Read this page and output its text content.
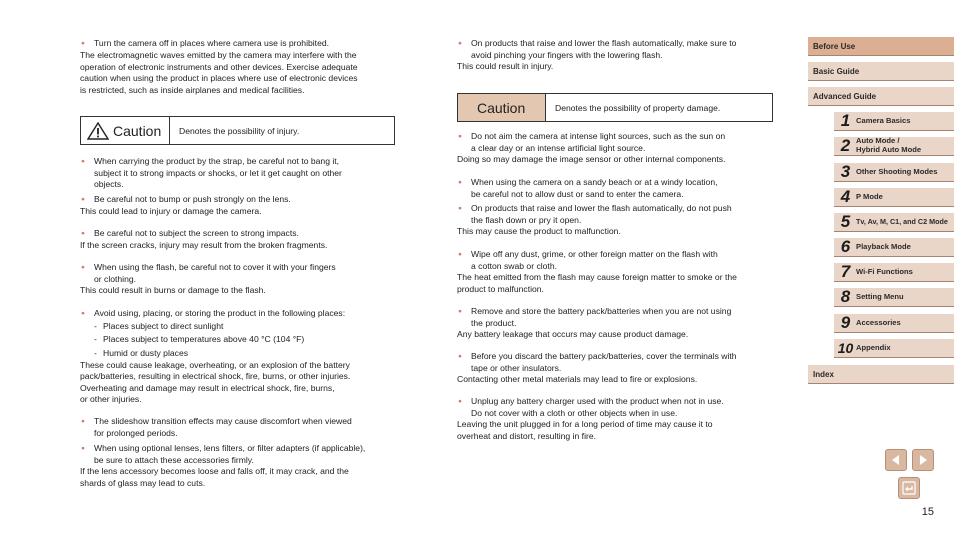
● Turn the camera off in places where camera use is prohibited.
The electromagnetic waves emitted by the camera may interfere with the
operation of electronic instruments and other devices. Exercise adequate
caution when using the product in places where use of electronic devices
is restricted, such as inside airplanes and medical facilities.
● When carrying the product by the strap, be careful not to bang it,
subject it to strong impacts or shocks, or let it get caught on other
objects.
● Be careful not to bump or push strongly on the lens.
This could lead to injury or damage the camera.
● Be careful not to subject the screen to strong impacts.
If the screen cracks, injury may result from the broken fragments.
● When using the flash, be careful not to cover it with your fingers
or clothing.
This could result in burns or damage to the flash.
● Avoid using, placing, or storing the product in the following places:
- Places subject to direct sunlight
- Places subject to temperatures above 40 °C (104 °F)
- Humid or dusty places
These could cause leakage, overheating, or an explosion of the battery
pack/batteries, resulting in electrical shock, fire, burns, or other injuries.
Overheating and damage may result in electrical shock, fire, burns,
or other injuries.
● The slideshow transition effects may cause discomfort when viewed
for prolonged periods.
● When using optional lenses, lens filters, or filter adapters (if applicable),
be sure to attach these accessories firmly.
If the lens accessory becomes loose and falls off, it may crack, and the
shards of glass may lead to cuts.
Caution	Denotes the possibility of injury.
● On products that raise and lower the flash automatically, make sure to
avoid pinching your fingers with the lowering flash.
This could result in injury.
● Do not aim the camera at intense light sources, such as the sun on
a clear day or an intense artificial light source.
Doing so may damage the image sensor or other internal components.
● When using the camera on a sandy beach or at a windy location,
be careful not to allow dust or sand to enter the camera.
● On products that raise and lower the flash automatically, do not push
the flash down or pry it open.
This may cause the product to malfunction.
● Wipe off any dust, grime, or other foreign matter on the flash with
a cotton swab or cloth.
The heat emitted from the flash may cause foreign matter to smoke or the
product to malfunction.
● Remove and store the battery pack/batteries when you are not using
the product.
Any battery leakage that occurs may cause product damage.
● Before you discard the battery pack/batteries, cover the terminals with
tape or other insulators.
Contacting other metal materials may lead to fire or explosions.
● Unplug any battery charger used with the product when not in use.
Do not cover with a cloth or other objects when in use.
Leaving the unit plugged in for a long period of time may cause it to
overheat and distort, resulting in fire.
Caution	Denotes the possibility of property damage.
Before Use
Basic Guide
Advanced Guide
1 Camera Basics
2 Auto Mode /
Hybrid Auto Mode
3 Other Shooting Modes
4 P Mode
5 Tv, Av, M, C1, and C2 Mode
6 Playback Mode
7 Wi-Fi Functions
8 Setting Menu
9 Accessories
10 Appendix
Index
15
